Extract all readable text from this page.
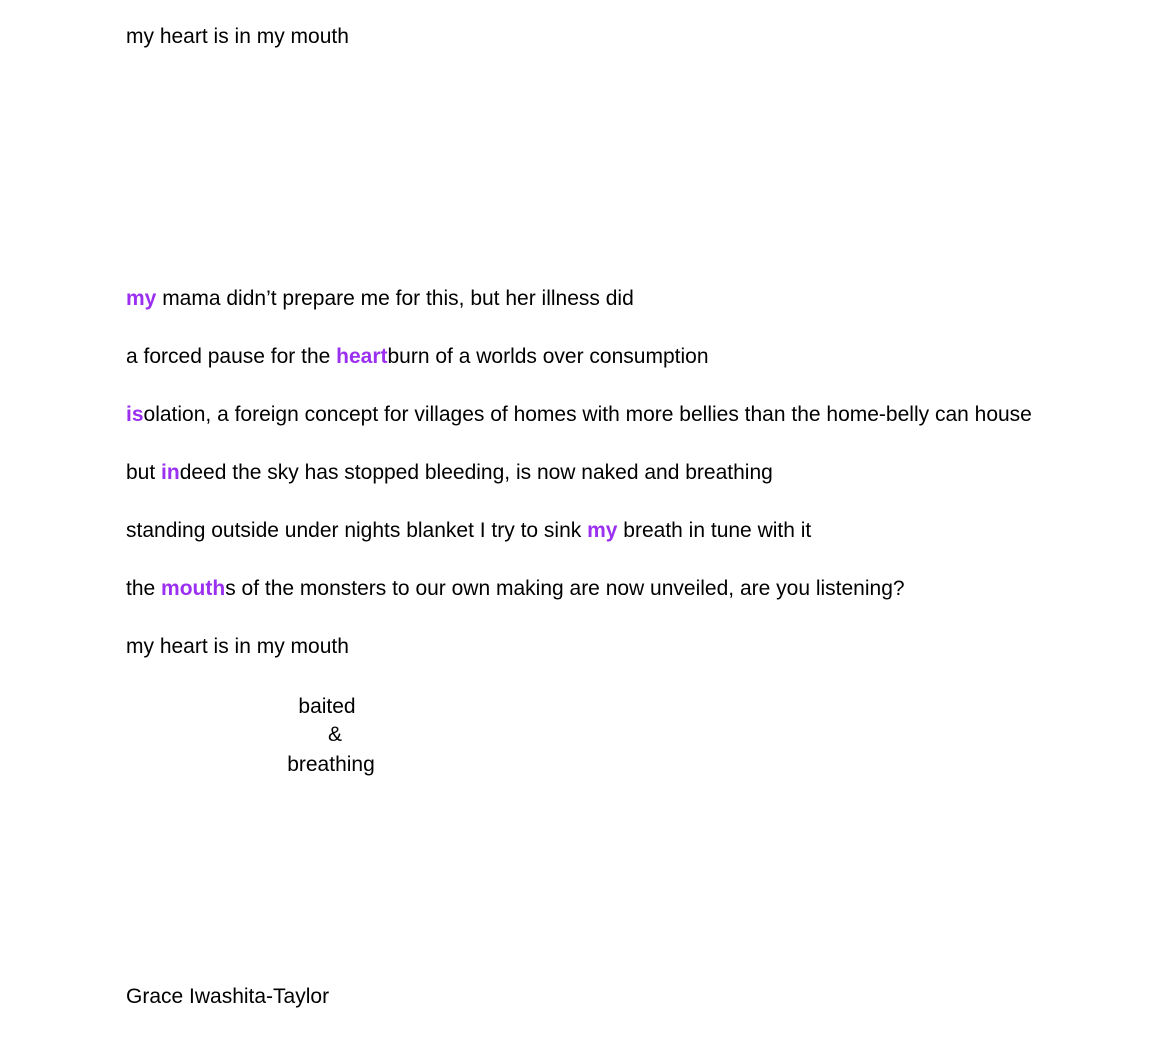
my heart is in my mouth
my mama didn’t prepare me for this, but her illness did
a forced pause for the heartburn of a worlds over consumption
isolation, a foreign concept for villages of homes with more bellies than the home-belly can house
but indeed the sky has stopped bleeding, is now naked and breathing
standing outside under nights blanket I try to sink my breath in tune with it
the mouths of the monsters to our own making are now unveiled, are you listening?
my heart is in my mouth
baited
&
breathing
Grace Iwashita-Taylor
